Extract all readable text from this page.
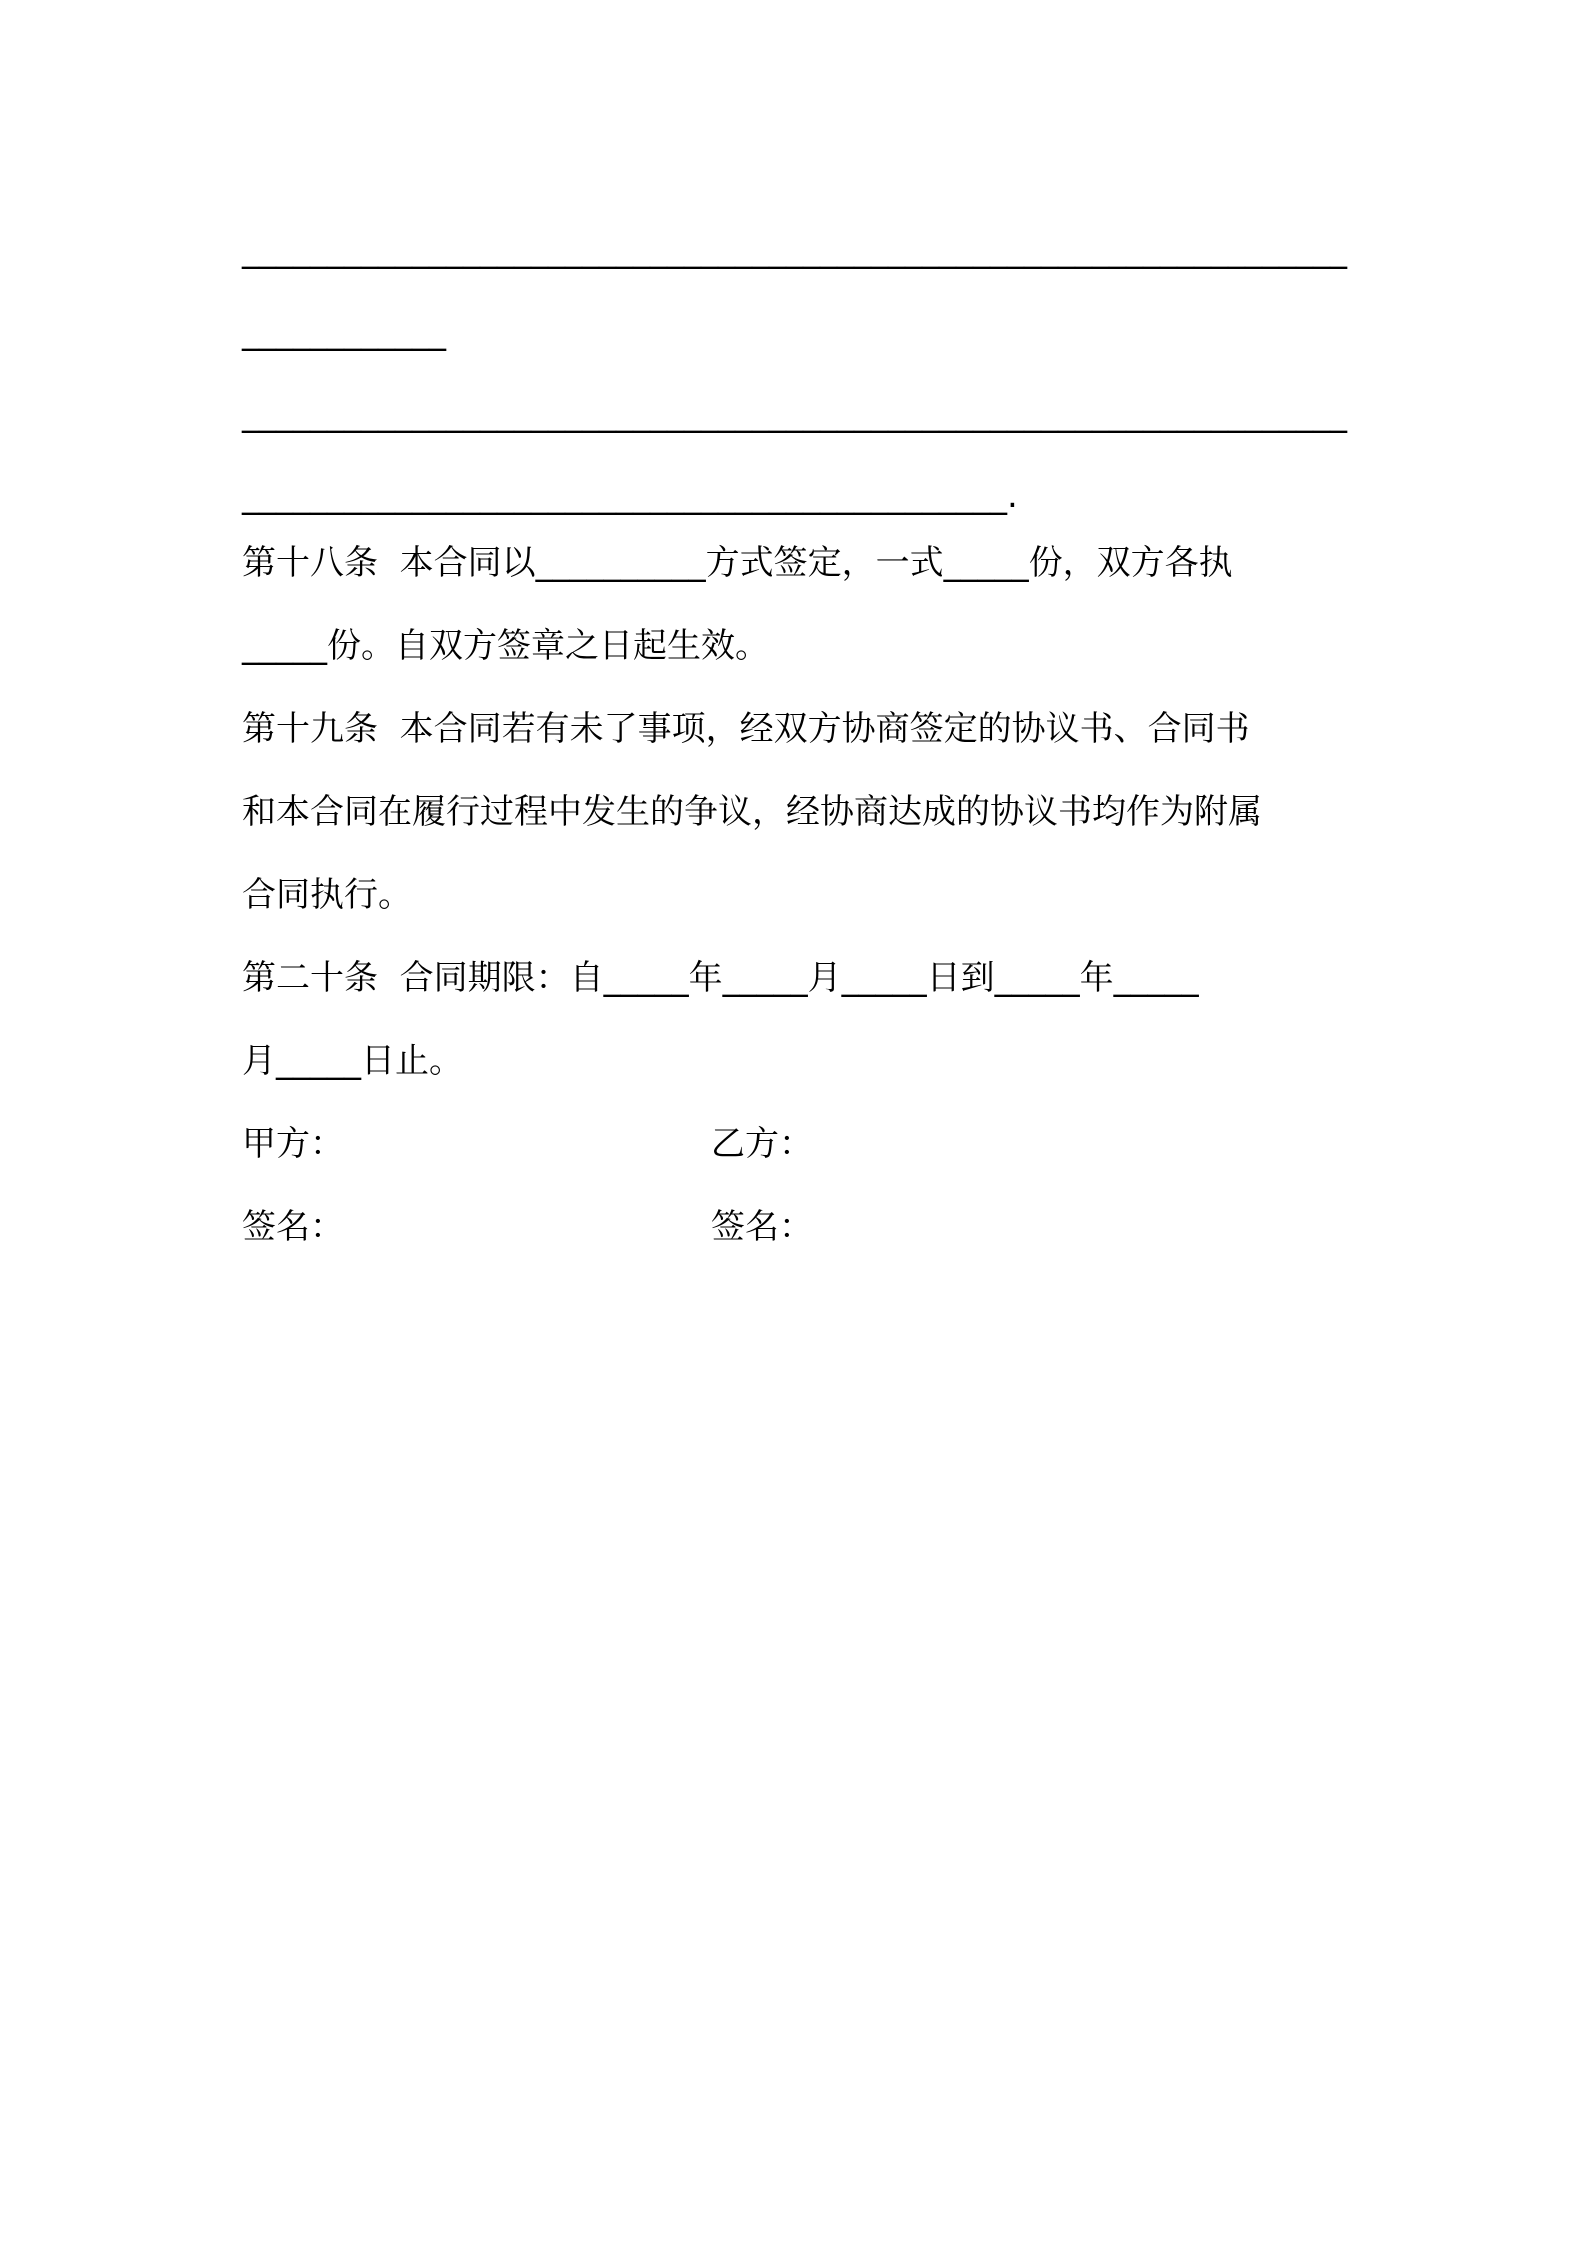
_________________________________________________________________
____________
_________________________________________________________________
_____________________________________________.
第十八条  本合同以__________方式签定，一式_____份，双方各执
_____份。自双方签章之日起生效。
第十九条  本合同若有未了事项，经双方协商签定的协议书、合同书
和本合同在履行过程中发生的争议，经协商达成的协议书均作为附属
合同执行。
第二十条  合同期限：自_____年_____月_____日到_____年_____
月_____日止。
甲方：	乙方：
签名：	签名：
